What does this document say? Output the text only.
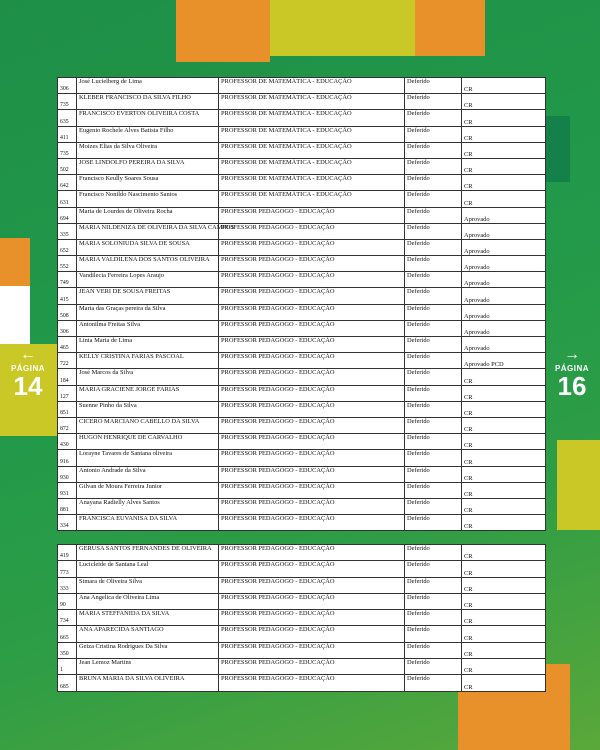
←
PÁGINA
14
→
PÁGINA
16
306	José Lucielberg de Lima	PROFESSOR DE MATEMÁTICA - EDUCAÇÃO	Deferido	CR
735	KLEBER FRANCISCO DA SILVA FILHO	PROFESSOR DE MATEMÁTICA - EDUCAÇÃO	Deferido	CR
635	FRANCISCO EVERTON OLIVEIRA COSTA	PROFESSOR DE MATEMÁTICA - EDUCAÇÃO	Deferido	CR
411	Eugenio Rochele Alves Batista Filho	PROFESSOR DE MATEMÁTICA - EDUCAÇÃO	Deferido	CR
735	Moizes Elias da Silva Oliveira	PROFESSOR DE MATEMÁTICA - EDUCAÇÃO	Deferido	CR
502	JOSE LINDOLFO PEREIRA DA SILVA	PROFESSOR DE MATEMÁTICA - EDUCAÇÃO	Deferido	CR
642	Francisco Keully Soares Sousa	PROFESSOR DE MATEMÁTICA - EDUCAÇÃO	Deferido	CR
631	Francisco Nonildo Nascimento Santos	PROFESSOR DE MATEMÁTICA - EDUCAÇÃO	Deferido	CR
694	Maria de Lourdes de Oliveira Rocha	PROFESSOR PEDAGOGO - EDUCAÇÃO	Deferido	Aprovado
335	MARIA NILDENIZA DE OLIVEIRA DA SILVA CAMPOS	PROFESSOR PEDAGOGO - EDUCAÇÃO	Deferido	Aprovado
652	MARIA SOLONIUDA SILVA DE SOUSA	PROFESSOR PEDAGOGO - EDUCAÇÃO	Deferido	Aprovado
552	MARIA VALDILENA DOS SANTOS OLIVEIRA	PROFESSOR PEDAGOGO - EDUCAÇÃO	Deferido	Aprovado
749	Vandilecia Ferreira Lopes Araujo	PROFESSOR PEDAGOGO - EDUCAÇÃO	Deferido	Aprovado
415	JEAN VERI DE SOUSA FREITAS	PROFESSOR PEDAGOGO - EDUCAÇÃO	Deferido	Aprovado
508	Maria das Graças pereira da Silva	PROFESSOR PEDAGOGO - EDUCAÇÃO	Deferido	Aprovado
306	Antonilma Freitas Silva	PROFESSOR PEDAGOGO - EDUCAÇÃO	Deferido	Aprovado
465	Linia Maria de Lima	PROFESSOR PEDAGOGO - EDUCAÇÃO	Deferido	Aprovado
722	KELLY CRISTINA FARIAS PASCOAL	PROFESSOR PEDAGOGO - EDUCAÇÃO	Deferido	Aprovado PCD
184	José Marcos da Silva	PROFESSOR PEDAGOGO - EDUCAÇÃO	Deferido	CR
127	MARIA GRACIENE JORGE FARIAS	PROFESSOR PEDAGOGO - EDUCAÇÃO	Deferido	CR
851	Suenne Pinho da Silva	PROFESSOR PEDAGOGO - EDUCAÇÃO	Deferido	CR
872	CICERO MARCIANO CABELLO DA SILVA	PROFESSOR PEDAGOGO - EDUCAÇÃO	Deferido	CR
430	HUGON HENRIQUE DE CARVALHO	PROFESSOR PEDAGOGO - EDUCAÇÃO	Deferido	CR
916	Lorayne Tavares de Santana oliveira	PROFESSOR PEDAGOGO - EDUCAÇÃO	Deferido	CR
930	Antonio Andrade da Silva	PROFESSOR PEDAGOGO - EDUCAÇÃO	Deferido	CR
931	Gilvan de Moura Ferreira Junior	PROFESSOR PEDAGOGO - EDUCAÇÃO	Deferido	CR
881	Anayana Radielly Alves Santos	PROFESSOR PEDAGOGO - EDUCAÇÃO	Deferido	CR
334	FRANCISCA EUVANISA DA SILVA	PROFESSOR PEDAGOGO - EDUCAÇÃO	Deferido	CR
419	GERUSA SANTOS FERNANDES DE OLIVEIRA	PROFESSOR PEDAGOGO - EDUCAÇÃO	Deferido	CR
773	Lucicleide de Santana Leal	PROFESSOR PEDAGOGO - EDUCAÇÃO	Deferido	CR
333	Simara de Oliveira Silva	PROFESSOR PEDAGOGO - EDUCAÇÃO	Deferido	CR
90	Ana Angelica de Oliveira Lima	PROFESSOR PEDAGOGO - EDUCAÇÃO	Deferido	CR
734	MARIA STEFFANIDA DA SILVA	PROFESSOR PEDAGOGO - EDUCAÇÃO	Deferido	CR
665	ANA APARECIDA SANTIAGO	PROFESSOR PEDAGOGO - EDUCAÇÃO	Deferido	CR
350	Geiza Cristina Rodrigues Da Silva	PROFESSOR PEDAGOGO - EDUCAÇÃO	Deferido	CR
1	Jean Lemoz Martins	PROFESSOR PEDAGOGO - EDUCAÇÃO	Deferido	CR
685	BRUNA MARIA DA SILVA OLIVEIRA	PROFESSOR PEDAGOGO - EDUCAÇÃO	Deferido	CR
